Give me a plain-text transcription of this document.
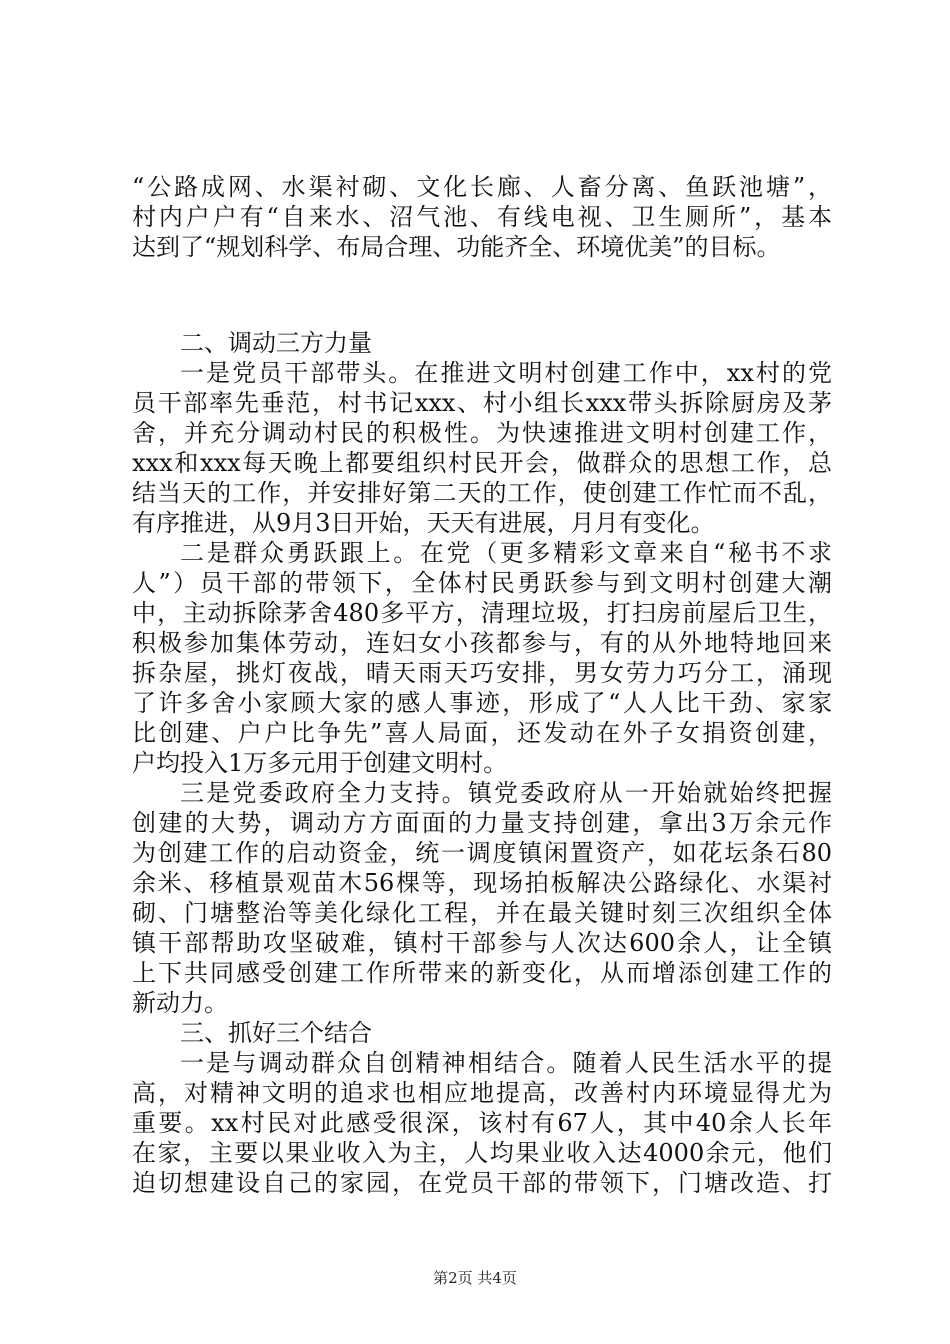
“公路成网、水渠衬砌、文化长廊、人畜分离、鱼跃池塘”，
村内户户有“自来水、沼气池、有线电视、卫生厕所”，基本
达到了“规划科学、布局合理、功能齐全、环境优美”的目标。
二、调动三方力量
一是党员干部带头。在推进文明村创建工作中，xx村的党
员干部率先垂范，村书记xxx、村小组长xxx带头拆除厨房及茅
舍，并充分调动村民的积极性。为快速推进文明村创建工作，
xxx和xxx每天晚上都要组织村民开会，做群众的思想工作，总
结当天的工作，并安排好第二天的工作，使创建工作忙而不乱，
有序推进，从9月3日开始，天天有进展，月月有变化。
二是群众勇跃跟上。在党（更多精彩文章来自“秘书不求
人”）员干部的带领下，全体村民勇跃参与到文明村创建大潮
中，主动拆除茅舍480多平方，清理垃圾，打扫房前屋后卫生，
积极参加集体劳动，连妇女小孩都参与，有的从外地特地回来
拆杂屋，挑灯夜战，晴天雨天巧安排，男女劳力巧分工，涌现
了许多舍小家顾大家的感人事迹，形成了“人人比干劲、家家
比创建、户户比争先”喜人局面，还发动在外子女捐资创建，
户均投入1万多元用于创建文明村。
三是党委政府全力支持。镇党委政府从一开始就始终把握
创建的大势，调动方方面面的力量支持创建，拿出3万余元作
为创建工作的启动资金，统一调度镇闲置资产，如花坛条石80
余米、移植景观苗木56棵等，现场拍板解决公路绿化、水渠衬
砌、门塘整治等美化绿化工程，并在最关键时刻三次组织全体
镇干部帮助攻坚破难，镇村干部参与人次达600余人，让全镇
上下共同感受创建工作所带来的新变化，从而增添创建工作的
新动力。
三、抓好三个结合
一是与调动群众自创精神相结合。随着人民生活水平的提
高，对精神文明的追求也相应地提高，改善村内环境显得尤为
重要。xx村民对此感受很深，该村有67人，其中40余人长年
在家，主要以果业收入为主，人均果业收入达4000余元，他们
迫切想建设自己的家园，在党员干部的带领下，门塘改造、打
第2页 共4页
